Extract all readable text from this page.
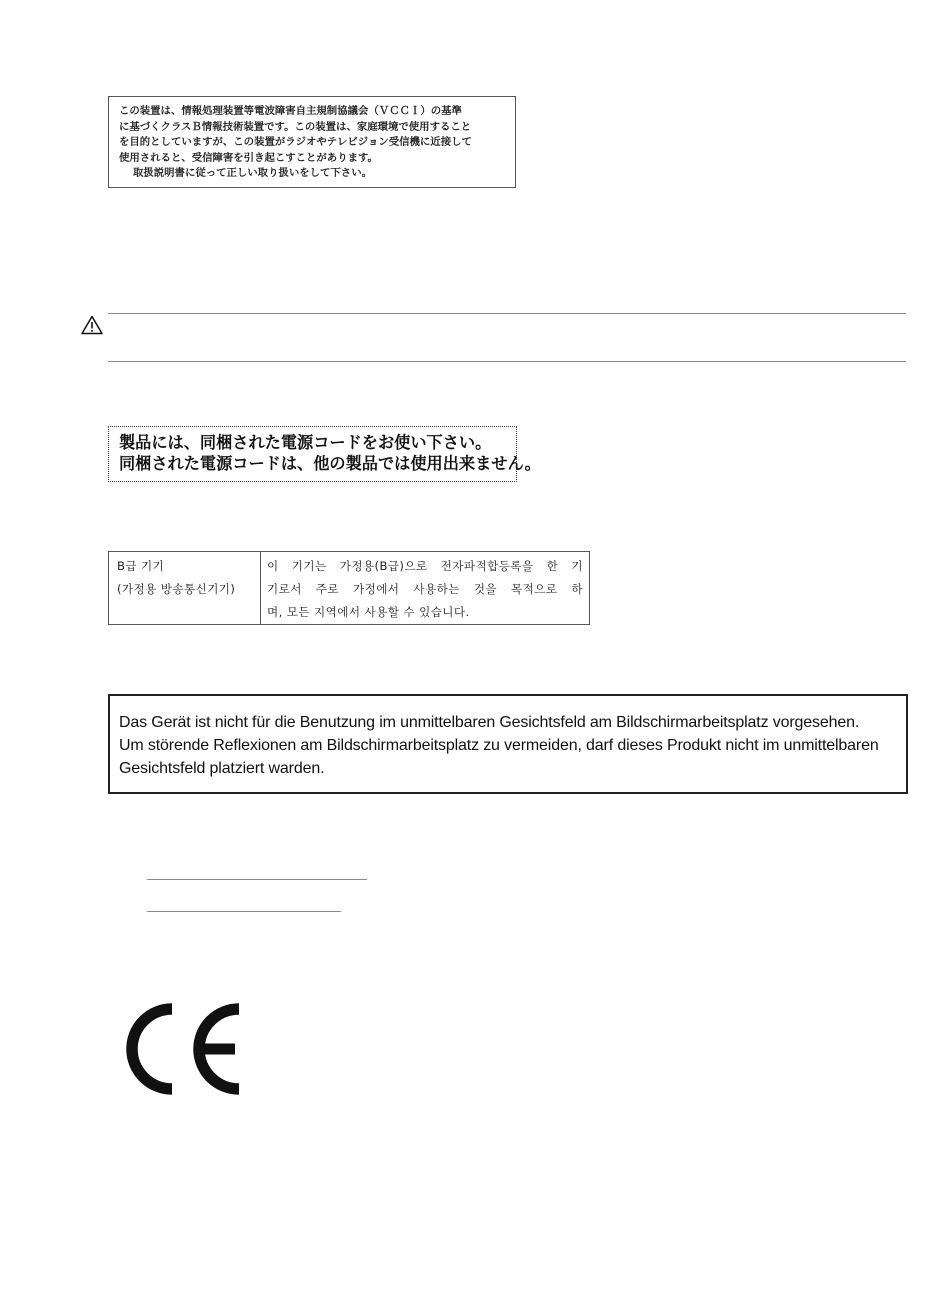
この装置は、情報処理装置等電波障害自主規制協議会（ＶＣＣＩ）の基準
に基づくクラスＢ情報技術装置です。この装置は、家庭環境で使用すること
を目的としていますが、この装置がラジオやテレビジョン受信機に近接して
使用されると、受信障害を引き起こすことがあります。
取扱説明書に従って正しい取り扱いをして下さい。
製品には、同梱された電源コードをお使い下さい。
同梱された電源コードは、他の製品では使用出来ません。
B급 기기
(가정용 방송통신기기)

이 기기는 가정용(B급)으로 전자파적합등록을 한 기
기로서 주로 가정에서 사용하는 것을 목적으로 하
며, 모든 지역에서 사용할 수 있습니다.
Das Gerät ist nicht für die Benutzung im unmittelbaren Gesichtsfeld am Bildschirmarbeitsplatz vorgesehen.
Um störende Reflexionen am Bildschirmarbeitsplatz zu vermeiden, darf dieses Produkt nicht im unmittelbaren
Gesichtsfeld platziert warden.
